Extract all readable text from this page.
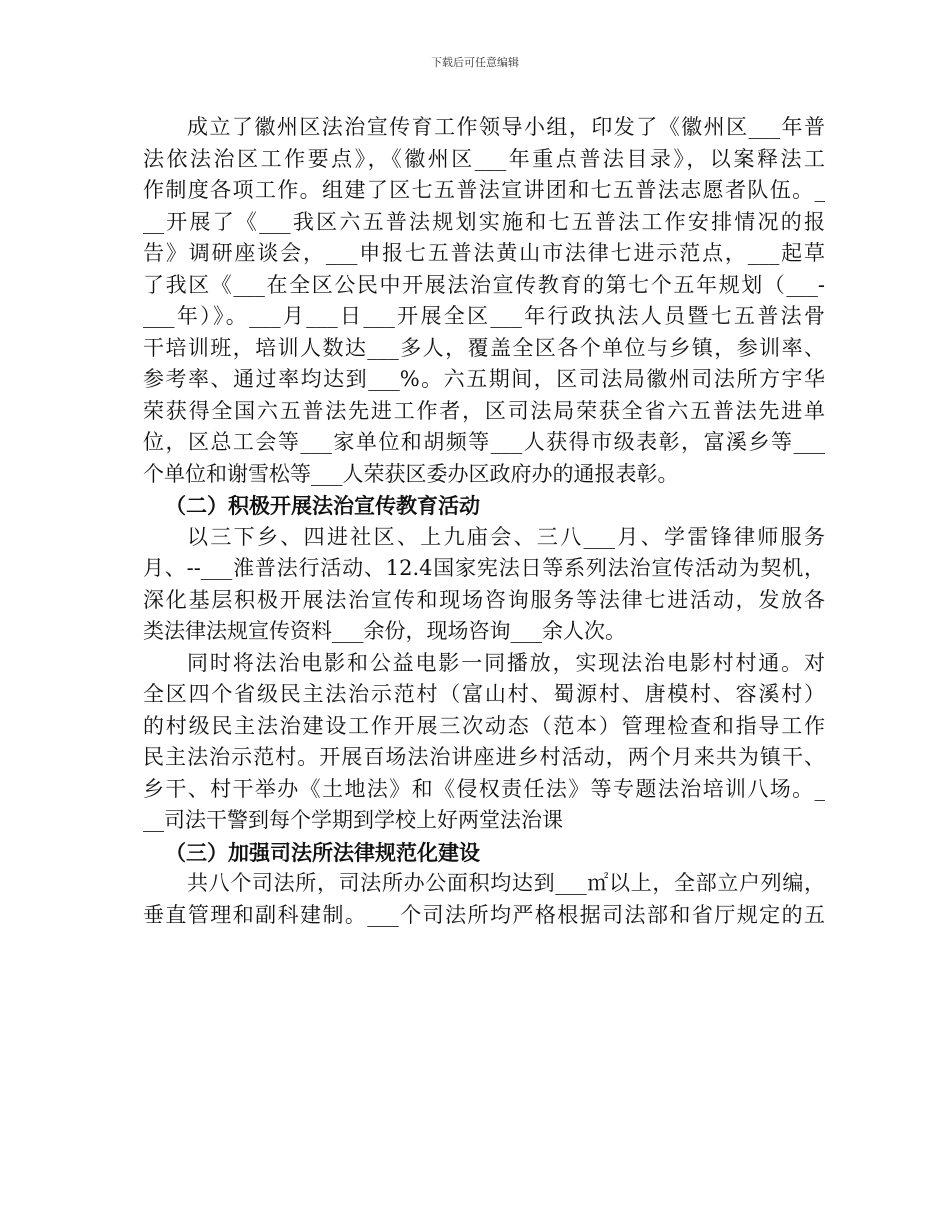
下载后可任意编辑
成立了徽州区法治宣传育工作领导小组，印发了《徽州区___年普
法依法治区工作要点》，《徽州区___年重点普法目录》，以案释法工
作制度各项工作。组建了区七五普法宣讲团和七五普法志愿者队伍。_
__开展了《___我区六五普法规划实施和七五普法工作安排情况的报
告》调研座谈会，___申报七五普法黄山市法律七进示范点，___起草
了我区《___在全区公民中开展法治宣传教育的第七个五年规划（___-
___年）》。___月___日___开展全区___年行政执法人员暨七五普法骨
干培训班，培训人数达___多人，覆盖全区各个单位与乡镇，参训率、
参考率、通过率均达到___%。六五期间，区司法局徽州司法所方宇华
荣获得全国六五普法先进工作者，区司法局荣获全省六五普法先进单
位，区总工会等___家单位和胡频等___人获得市级表彰，富溪乡等___
个单位和谢雪松等___人荣获区委办区政府办的通报表彰。
（二）积极开展法治宣传教育活动
以三下乡、四进社区、上九庙会、三八___月、学雷锋律师服务
月、--___淮普法行活动、12.4国家宪法日等系列法治宣传活动为契机，
深化基层积极开展法治宣传和现场咨询服务等法律七进活动，发放各
类法律法规宣传资料___余份，现场咨询___余人次。
同时将法治电影和公益电影一同播放，实现法治电影村村通。对
全区四个省级民主法治示范村（富山村、蜀源村、唐模村、容溪村）
的村级民主法治建设工作开展三次动态（范本）管理检查和指导工作
民主法治示范村。开展百场法治讲座进乡村活动，两个月来共为镇干、
乡干、村干举办《土地法》和《侵权责任法》等专题法治培训八场。_
__司法干警到每个学期到学校上好两堂法治课
（三）加强司法所法律规范化建设
共八个司法所，司法所办公面积均达到___㎡以上，全部立户列编，
垂直管理和副科建制。___个司法所均严格根据司法部和省厅规定的五
